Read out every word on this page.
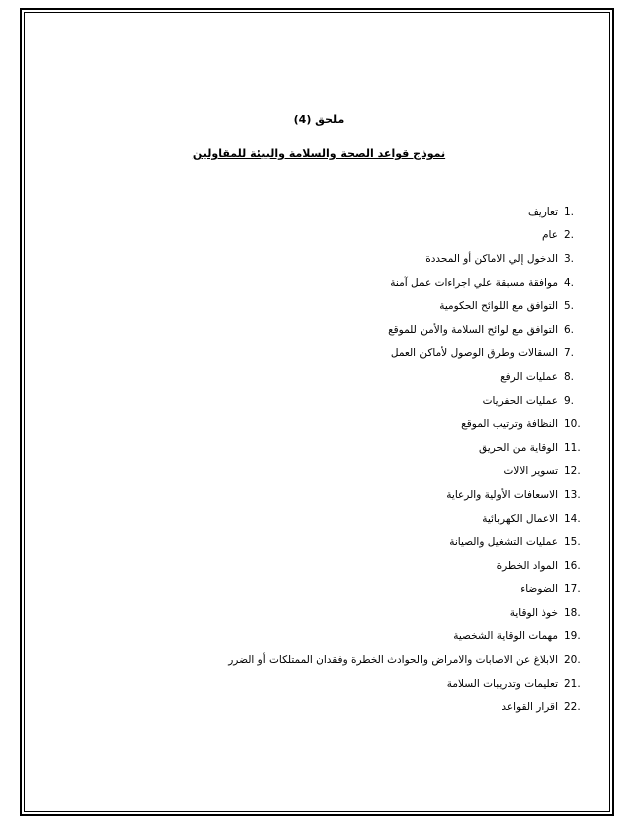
ملحق (4)
نموذج قواعد الصحة والسلامة والبيئة للمقاولين
1.
تعاريف
2.
عام
3.
الدخول إلي الاماكن أو المحددة
4.
موافقة مسبقة علي اجراءات عمل آمنة
5.
التوافق مع اللوائح الحكومية
6.
التوافق مع لوائح السلامة والأمن للموقع
7.
السقالات وطرق الوصول لأماكن العمل
8.
عمليات الرفع
9.
عمليات الحفريات
10.
النظافة وترتيب الموقع
11.
الوقاية من الحريق
12.
تسوير الالات
13.
الاسعافات الأولية والرعاية
14.
الاعمال الكهربائية
15.
عمليات التشغيل والصيانة
16.
المواد الخطرة
17.
الضوضاء
18.
خوذ الوقاية
19.
مهمات الوقاية الشخصية
20.
الابلاغ عن الاصابات والامراض والحوادث الخطرة وفقدان الممتلكات أو الضرر
21.
تعليمات وتدريبات السلامة
22.
اقرار القواعد
